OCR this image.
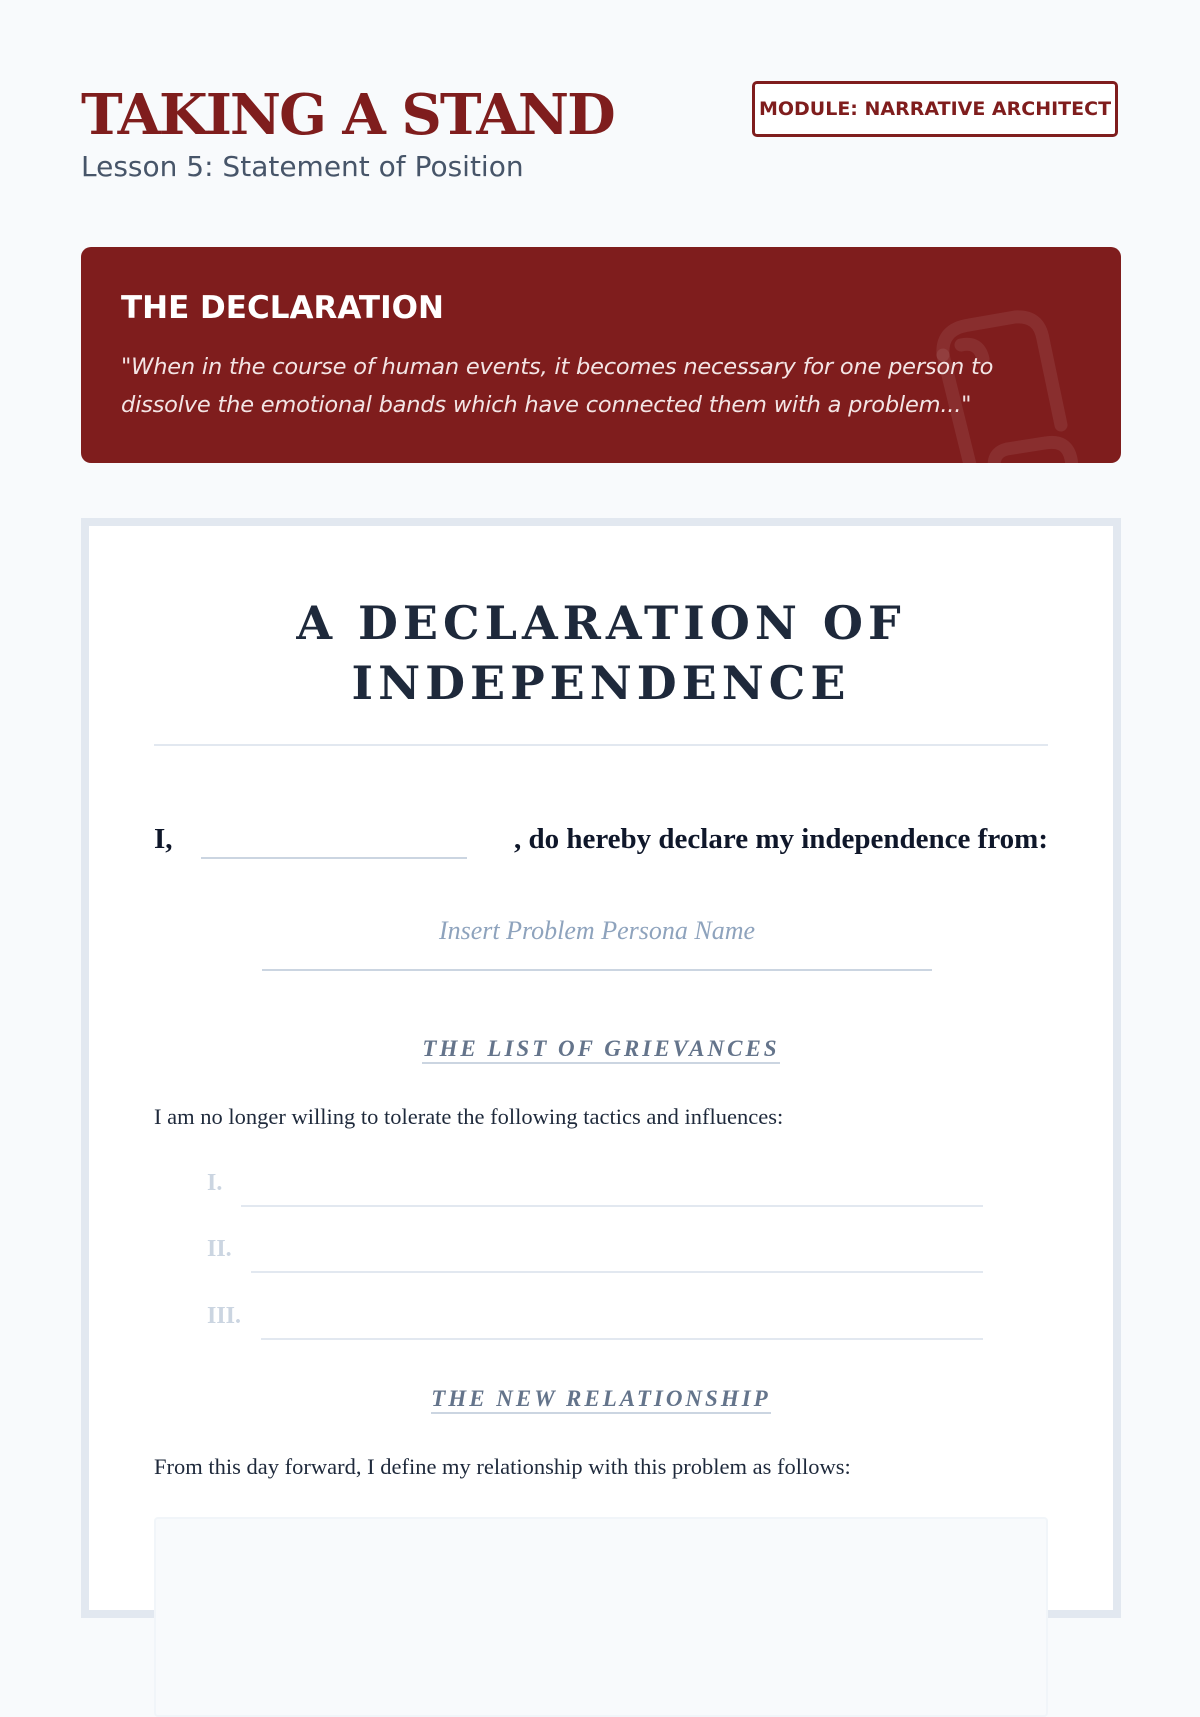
TAKING A STAND
Lesson 5: Statement of Position
MODULE: NARRATIVE ARCHITECT
THE DECLARATION

"When in the course of human events, it becomes necessary for one person to dissolve the emotional bands which have connected them with a problem..."

A DECLARATION OF INDEPENDENCE
I,	, do hereby declare my independence from:
Insert Problem Persona Name
THE LIST OF GRIEVANCES
I am no longer willing to tolerate the following tactics and influences:
I.
II.
III.
THE NEW RELATIONSHIP
From this day forward, I define my relationship with this problem as follows:
